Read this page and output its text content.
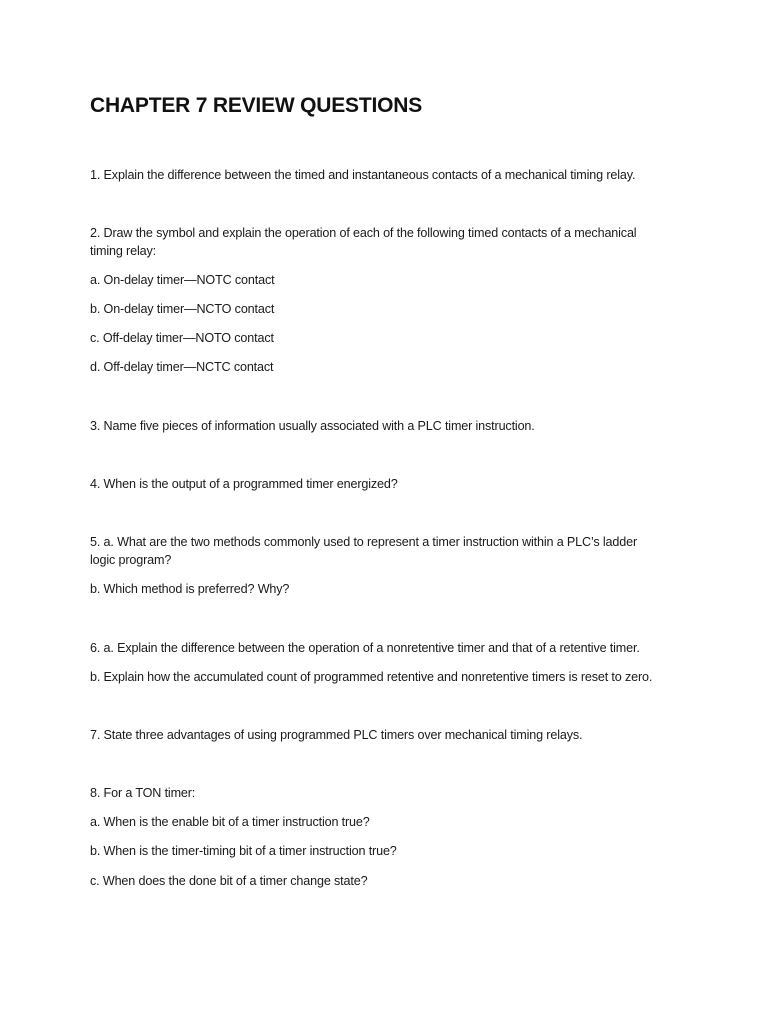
CHAPTER 7 REVIEW QUESTIONS

1. Explain the difference between the timed and instantaneous contacts of a mechanical timing relay.

2. Draw the symbol and explain the operation of each of the following timed contacts of a mechanical

timing relay:

a. On-delay timer—NOTC contact

b. On-delay timer—NCTO contact

c. Off-delay timer—NOTO contact

d. Off-delay timer—NCTC contact

3. Name five pieces of information usually associated with a PLC timer instruction.

4. When is the output of a programmed timer energized?

5. a. What are the two methods commonly used to represent a timer instruction within a PLC’s ladder

logic program?

b. Which method is preferred? Why?

6. a. Explain the difference between the operation of a nonretentive timer and that of a retentive timer.

b. Explain how the accumulated count of programmed retentive and nonretentive timers is reset to zero.

7. State three advantages of using programmed PLC timers over mechanical timing relays.

8. For a TON timer:

a. When is the enable bit of a timer instruction true?

b. When is the timer-timing bit of a timer instruction true?

c. When does the done bit of a timer change state?
